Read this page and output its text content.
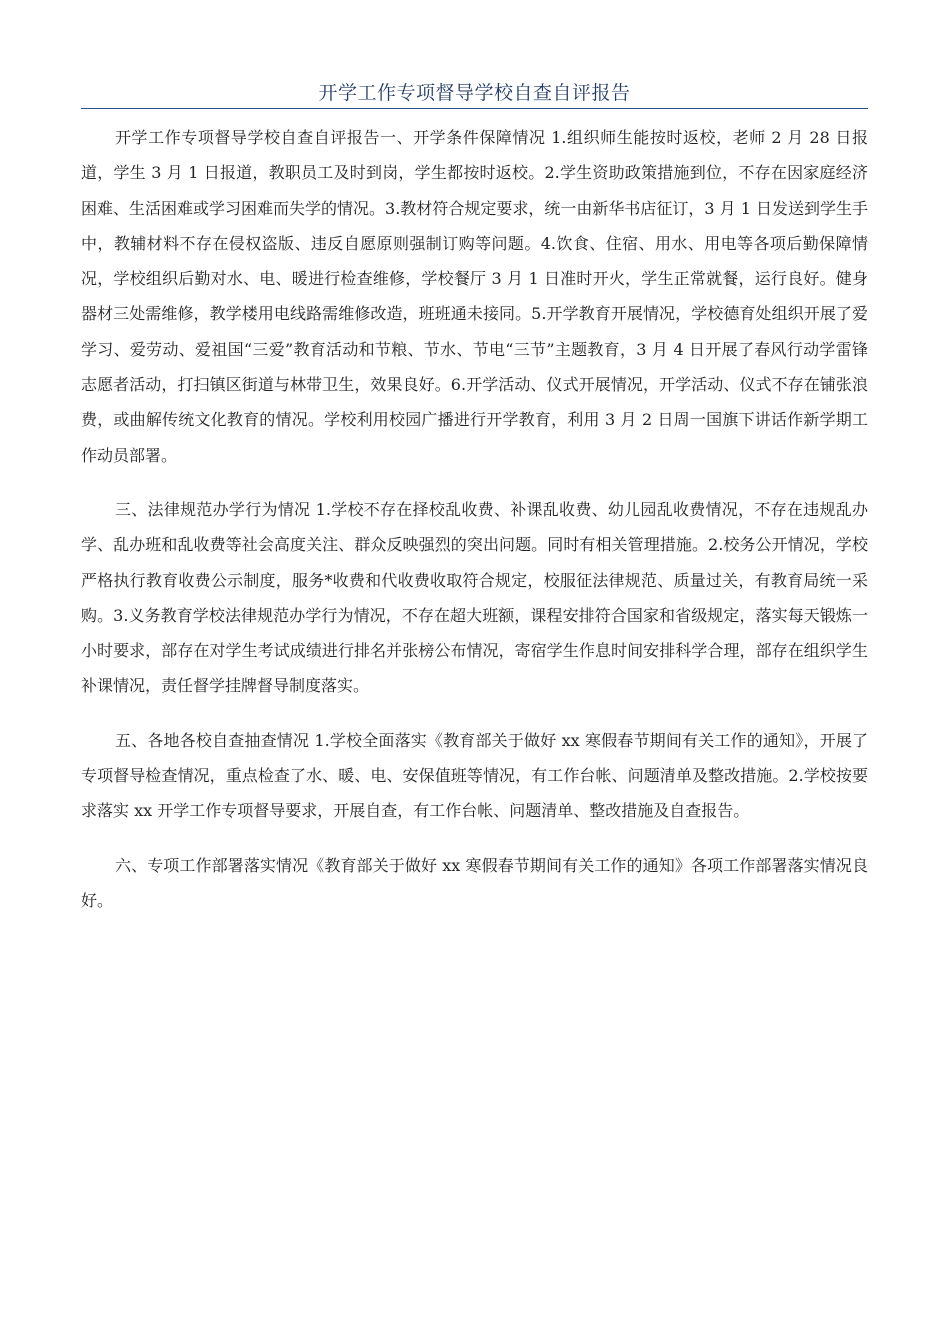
开学工作专项督导学校自查自评报告

开学工作专项督导学校自查自评报告一、开学条件保障情况 1.组织师生能按时返校，老师 2 月 28 日报道，学生 3 月 1 日报道，教职员工及时到岗，学生都按时返校。2.学生资助政策措施到位，不存在因家庭经济困难、生活困难或学习困难而失学的情况。3.教材符合规定要求，统一由新华书店征订，3 月 1 日发送到学生手中，教辅材料不存在侵权盗版、违反自愿原则强制订购等问题。4.饮食、住宿、用水、用电等各项后勤保障情况，学校组织后勤对水、电、暖进行检查维修，学校餐厅 3 月 1 日准时开火，学生正常就餐，运行良好。健身器材三处需维修，教学楼用电线路需维修改造，班班通未接同。5.开学教育开展情况，学校德育处组织开展了爱学习、爱劳动、爱祖国“三爱”教育活动和节粮、节水、节电“三节”主题教育，3 月 4 日开展了春风行动学雷锋志愿者活动，打扫镇区街道与林带卫生，效果良好。6.开学活动、仪式开展情况，开学活动、仪式不存在铺张浪费，或曲解传统文化教育的情况。学校利用校园广播进行开学教育，利用 3 月 2 日周一国旗下讲话作新学期工作动员部署。

三、法律规范办学行为情况 1.学校不存在择校乱收费、补课乱收费、幼儿园乱收费情况，不存在违规乱办学、乱办班和乱收费等社会高度关注、群众反映强烈的突出问题。同时有相关管理措施。2.校务公开情况，学校严格执行教育收费公示制度，服务*收费和代收费收取符合规定，校服征法律规范、质量过关，有教育局统一采购。3.义务教育学校法律规范办学行为情况，不存在超大班额，课程安排符合国家和省级规定，落实每天锻炼一小时要求，部存在对学生考试成绩进行排名并张榜公布情况，寄宿学生作息时间安排科学合理，部存在组织学生补课情况，责任督学挂牌督导制度落实。

五、各地各校自查抽查情况 1.学校全面落实《教育部关于做好 xx 寒假春节期间有关工作的通知》，开展了专项督导检查情况，重点检查了水、暖、电、安保值班等情况，有工作台帐、问题清单及整改措施。2.学校按要求落实 xx 开学工作专项督导要求，开展自查，有工作台帐、问题清单、整改措施及自查报告。

六、专项工作部署落实情况《教育部关于做好 xx 寒假春节期间有关工作的通知》各项工作部署落实情况良好。
